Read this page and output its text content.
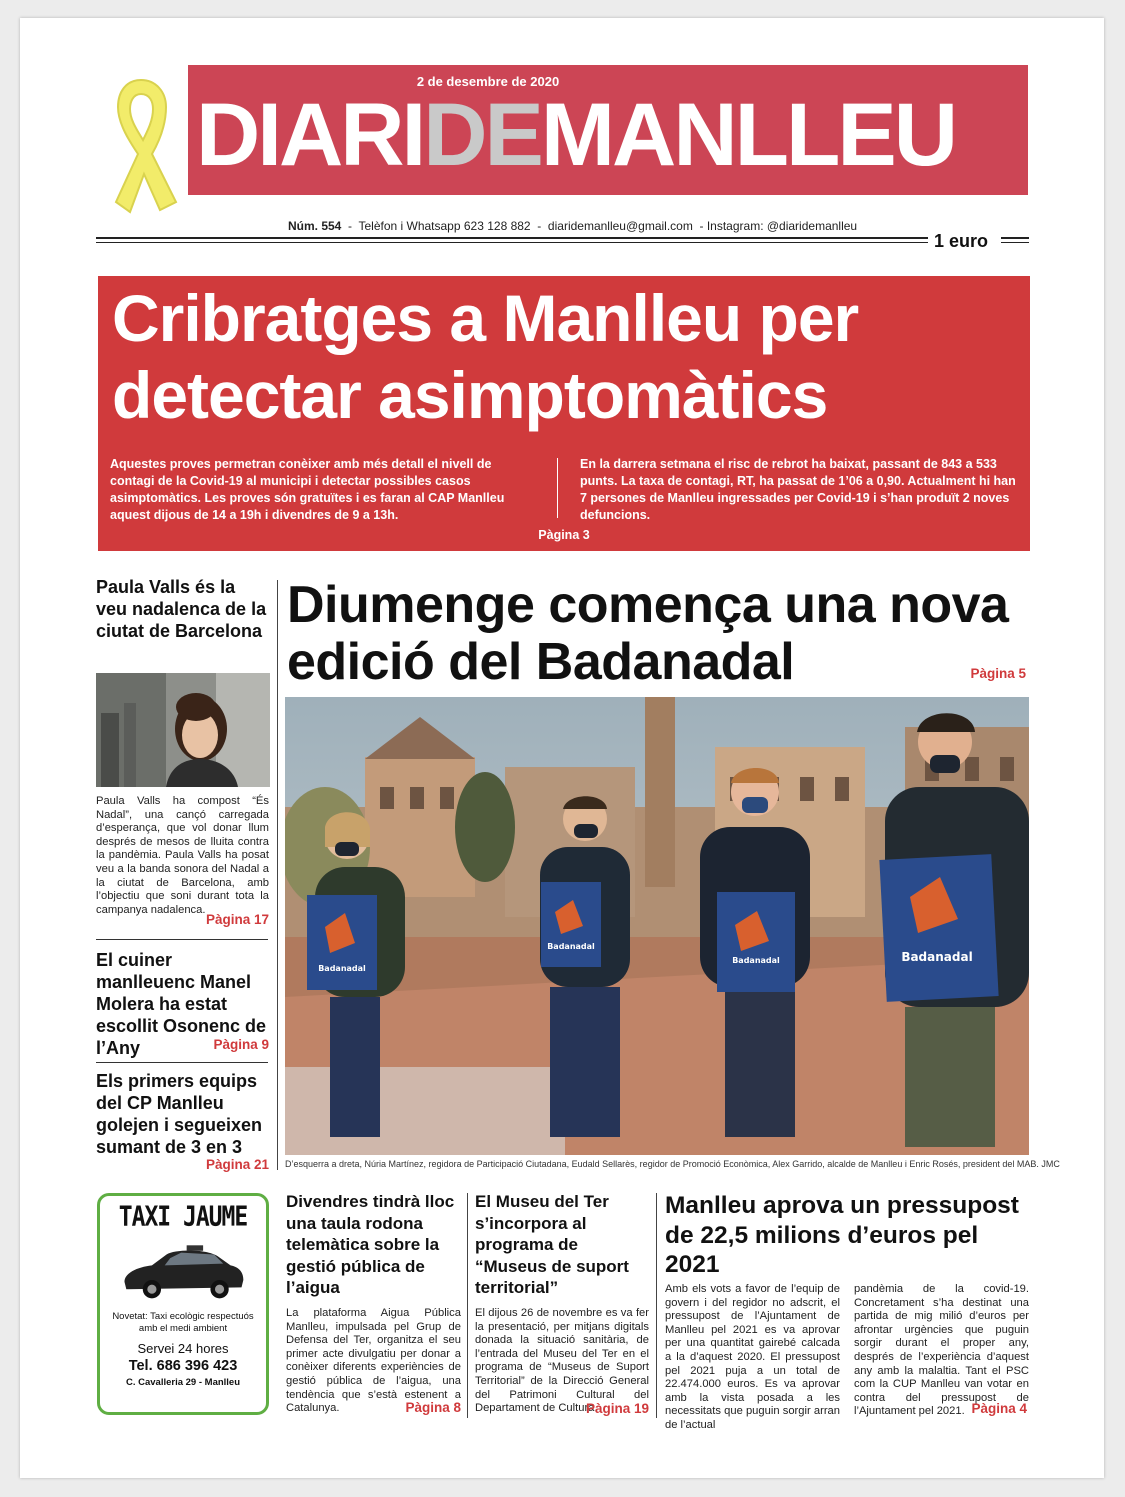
2 de desembre de 2020
DIARIDEMANLLEU
Núm. 554  -  Telèfon i Whatsapp 623 128 882  -  diaridemanlleu@gmail.com  - Instagram: @diaridemanlleu
1 euro
Cribratges a Manlleu per detectar asimptomàtics
Aquestes proves permetran conèixer amb més detall el nivell de contagi de la Covid-19 al municipi i detectar possibles casos asimptomàtics. Les proves són gratuïtes i es faran al CAP Manlleu aquest dijous de 14 a 19h i divendres de 9 a 13h.
En la darrera setmana el risc de rebrot ha baixat, passant de 843 a 533 punts. La taxa de contagi, RT, ha passat de 1’06 a 0,90. Actualment hi han 7 persones de Manlleu ingressades per Covid-19 i s’han produït 2 noves defuncions.
Pàgina 3
Paula Valls és la veu nadalenca de la ciutat de Barcelona
Paula Valls ha compost “És Nadal”, una cançó carregada d’esperança, que vol donar llum després de mesos de lluita contra la pandèmia. Paula Valls ha posat veu a la banda sonora del Nadal a la ciutat de Barcelona, amb l’objectiu que soni durant tota la campanya nadalenca.
Pàgina 17
El cuiner manlleuenc Manel Molera ha estat escollit Osonenc de l’Any	Pàgina 9
Els primers equips del CP Manlleu golejen i segueixen sumant de 3 en 3
Pàgina 21
Diumenge comença una nova edició del Badanadal	Pàgina 5
Badanadal
Badanadal
Badanadal	Badanadal
D’esquerra a dreta, Núria Martínez, regidora de Participació Ciutadana, Eudald Sellarès, regidor de Promoció Econòmica, Alex Garrido, alcalde de Manlleu i Enric Rosés, president del MAB. JMC
TAXI JAUME
Novetat: Taxi ecològic respectuós amb el medi ambient
Servei 24 hores
Tel. 686 396 423
C. Cavalleria 29 - Manlleu
Divendres tindrà lloc una taula rodona telemàtica sobre la gestió pública de l’aigua
La plataforma Aigua Pública Manlleu, impulsada pel Grup de Defensa del Ter, organitza el seu primer acte divulgatiu per donar a conèixer diferents experiències de gestió pública de l’aigua, una tendència que s’està estenent a Catalunya.	Pàgina 8
El Museu del Ter s’incorpora al programa de “Museus de suport territorial”
El dijous 26 de novembre es va fer la presentació, per mitjans digitals donada la situació sanitària, de l’entrada del Museu del Ter en el programa de “Museus de Suport Territorial” de la Direcció General del Patrimoni Cultural del Departament de Cultura.
Pàgina 19
Manlleu aprova un pressupost de 22,5 milions d’euros pel 2021
Amb els vots a favor de l’equip de govern i del regidor no adscrit, el pressupost de l’Ajuntament de Manlleu pel 2021 es va aprovar per una quantitat gairebé calcada a la d’aquest 2020. El pressupost pel 2021 puja a un total de 22.474.000 euros. Es va aprovar amb la vista posada a les necessitats que puguin sorgir arran de l’actual
pandèmia de la covid-19. Concretament s’ha destinat una partida de mig milió d’euros per afrontar urgències que puguin sorgir durant el proper any, després de l’experiència d’aquest any amb la malaltia. Tant el PSC com la CUP Manlleu van votar en contra del pressupost de l’Ajuntament pel 2021. Pàgina 4
